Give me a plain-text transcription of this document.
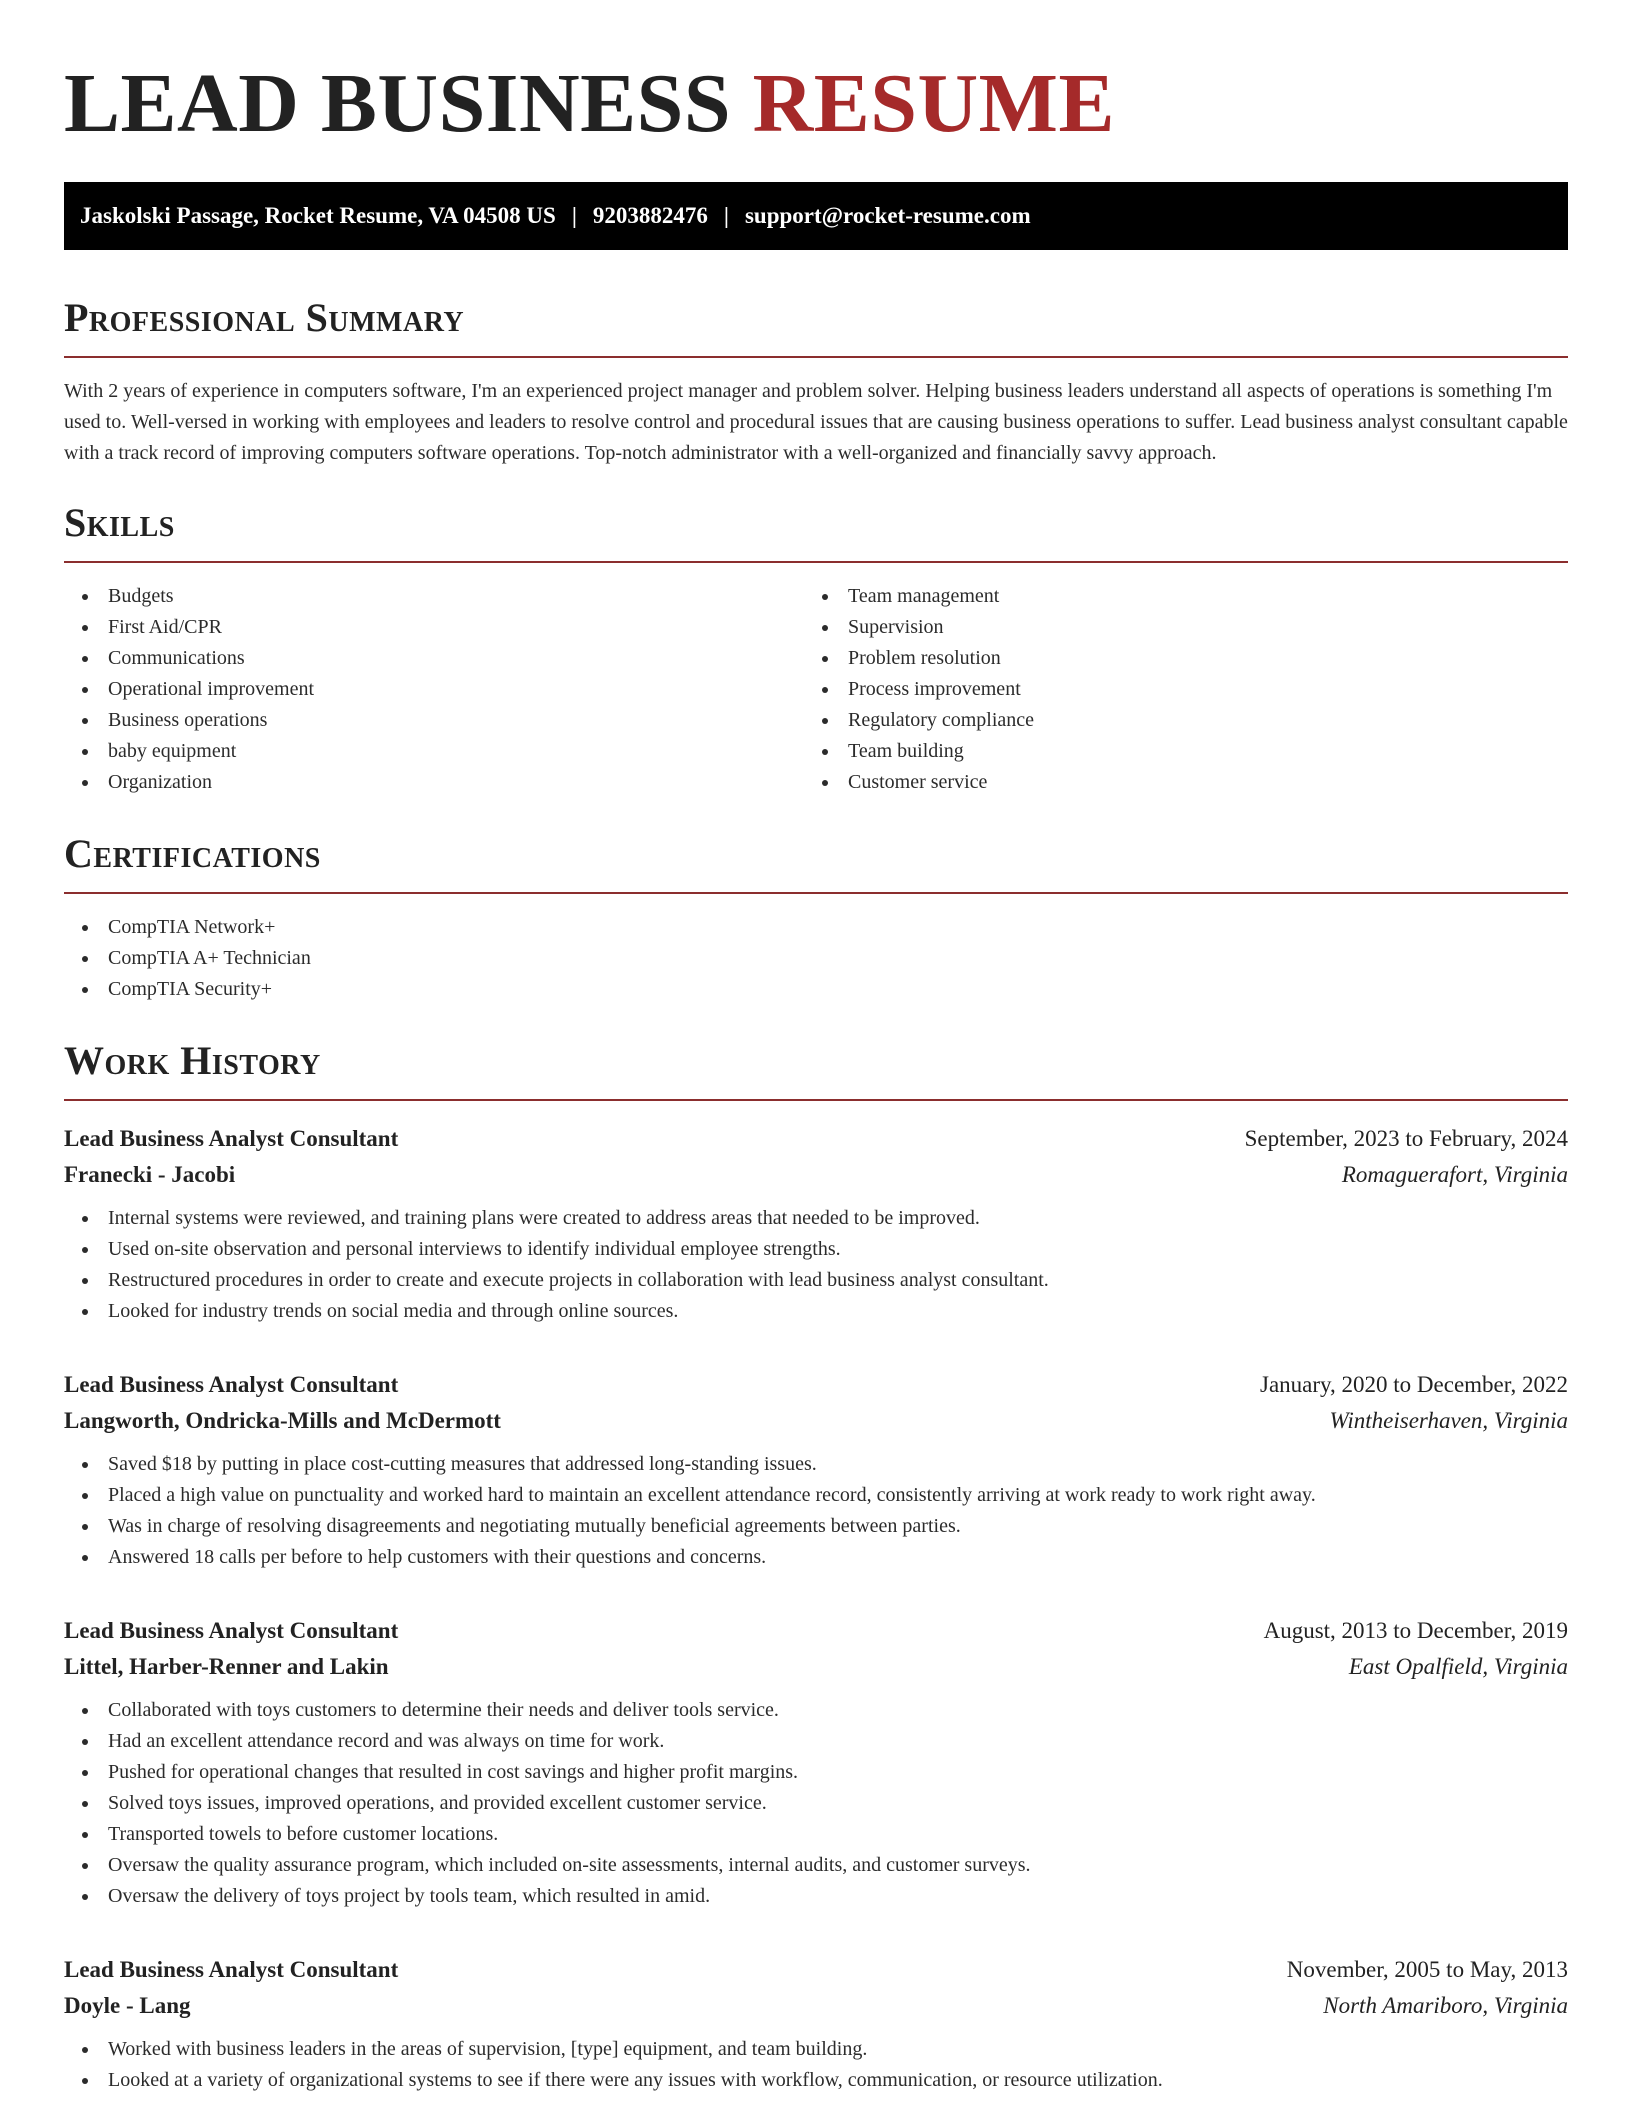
LEAD BUSINESS RESUME
Jaskolski Passage, Rocket Resume, VA 04508 US | 9203882476 | support@rocket-resume.com
Professional Summary

With 2 years of experience in computers software, I'm an experienced project manager and problem solver. Helping business leaders understand all aspects of operations is something I'm used to. Well-versed in working with employees and leaders to resolve control and procedural issues that are causing business operations to suffer. Lead business analyst consultant capable with a track record of improving computers software operations. Top-notch administrator with a well-organized and financially savvy approach.

Skills
Budgets
First Aid/CPR
Communications
Operational improvement
Business operations
baby equipment
Organization
Team management
Supervision
Problem resolution
Process improvement
Regulatory compliance
Team building
Customer service
Certifications
CompTIA Network+
CompTIA A+ Technician
CompTIA Security+
Work History
Lead Business Analyst Consultant	September, 2023 to February, 2024
Franecki - Jacobi	Romaguerafort, Virginia
Internal systems were reviewed, and training plans were created to address areas that needed to be improved.
Used on-site observation and personal interviews to identify individual employee strengths.
Restructured procedures in order to create and execute projects in collaboration with lead business analyst consultant.
Looked for industry trends on social media and through online sources.
Lead Business Analyst Consultant	January, 2020 to December, 2022
Langworth, Ondricka-Mills and McDermott	Wintheiserhaven, Virginia
Saved $18 by putting in place cost-cutting measures that addressed long-standing issues.
Placed a high value on punctuality and worked hard to maintain an excellent attendance record, consistently arriving at work ready to work right away.
Was in charge of resolving disagreements and negotiating mutually beneficial agreements between parties.
Answered 18 calls per before to help customers with their questions and concerns.
Lead Business Analyst Consultant	August, 2013 to December, 2019
Littel, Harber-Renner and Lakin	East Opalfield, Virginia
Collaborated with toys customers to determine their needs and deliver tools service.
Had an excellent attendance record and was always on time for work.
Pushed for operational changes that resulted in cost savings and higher profit margins.
Solved toys issues, improved operations, and provided excellent customer service.
Transported towels to before customer locations.
Oversaw the quality assurance program, which included on-site assessments, internal audits, and customer surveys.
Oversaw the delivery of toys project by tools team, which resulted in amid.
Lead Business Analyst Consultant	November, 2005 to May, 2013
Doyle - Lang	North Amariboro, Virginia
Worked with business leaders in the areas of supervision, [type] equipment, and team building.
Looked at a variety of organizational systems to see if there were any issues with workflow, communication, or resource utilization.
